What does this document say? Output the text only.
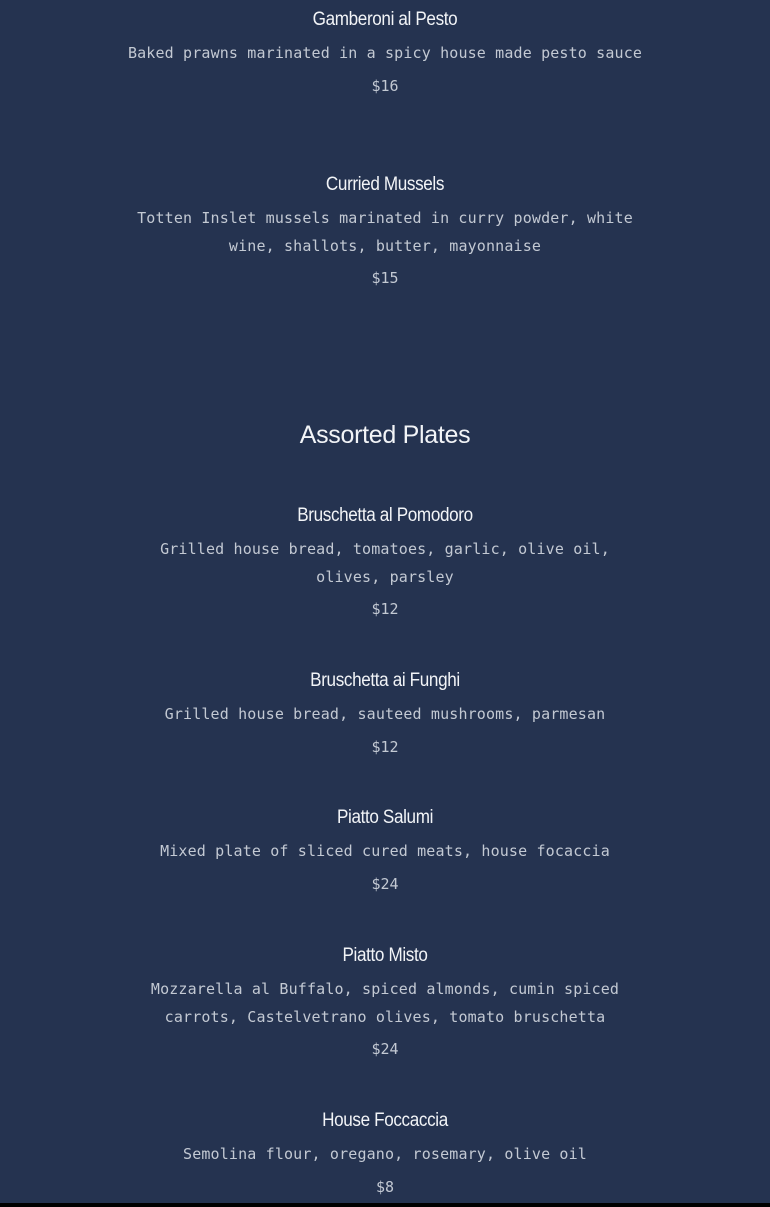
Gamberoni al Pesto
Baked prawns marinated in a spicy house made pesto sauce
$16
Curried Mussels
Totten Inslet mussels marinated in curry powder, white wine, shallots, butter, mayonnaise
$15
Assorted Plates
Bruschetta al Pomodoro
Grilled house bread, tomatoes, garlic, olive oil, olives, parsley
$12
Bruschetta ai Funghi
Grilled house bread, sauteed mushrooms, parmesan
$12
Piatto Salumi
Mixed plate of sliced cured meats, house focaccia
$24
Piatto Misto
Mozzarella al Buffalo, spiced almonds, cumin spiced carrots, Castelvetrano olives, tomato bruschetta
$24
House Foccaccia
Semolina flour, oregano, rosemary, olive oil
$8
